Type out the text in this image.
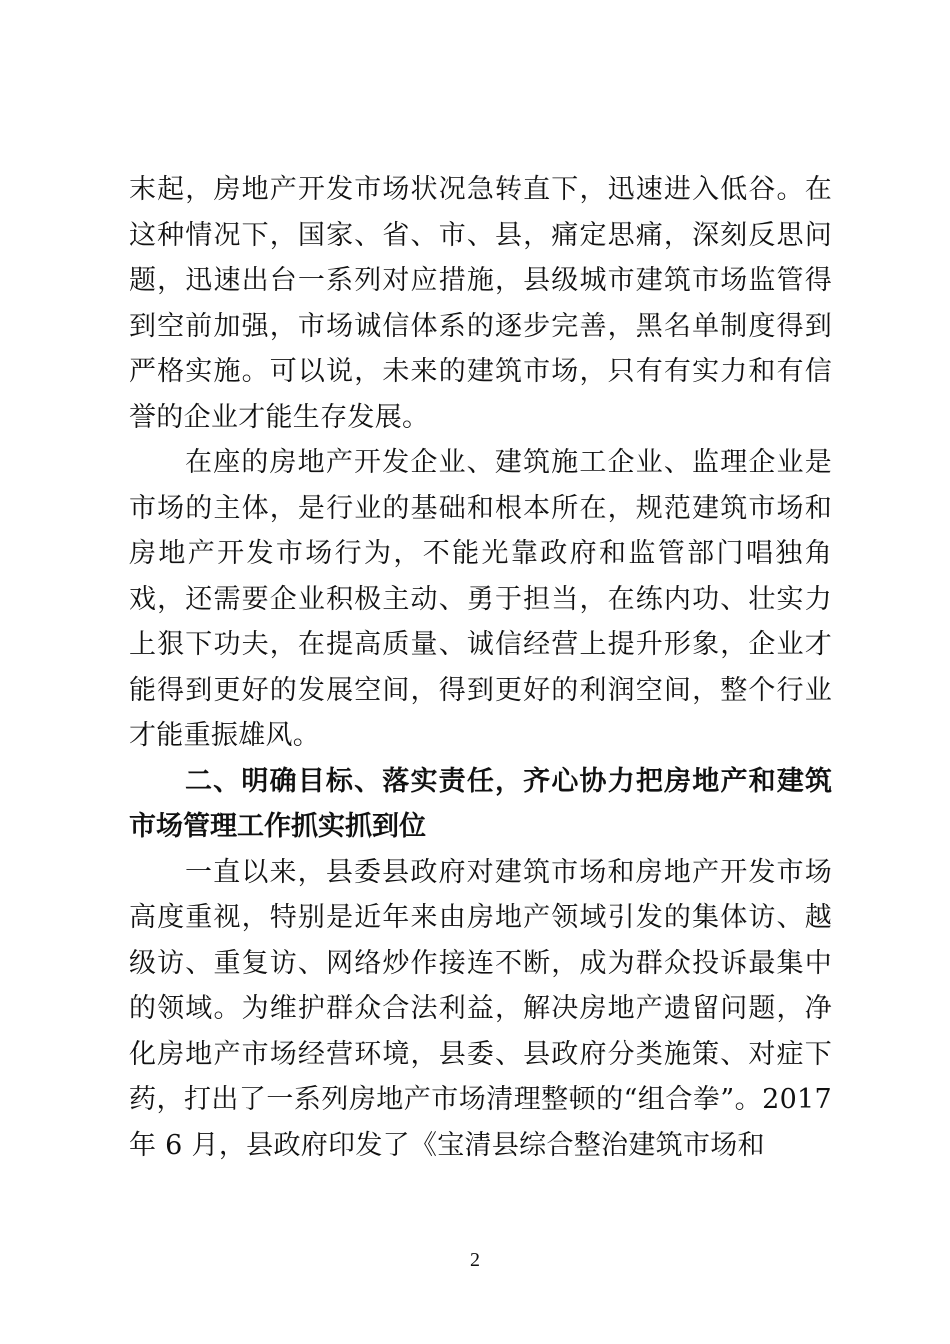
末起，房地产开发市场状况急转直下，迅速进入低谷。在这种情况下，国家、省、市、县，痛定思痛，深刻反思问题，迅速出台一系列对应措施，县级城市建筑市场监管得到空前加强，市场诚信体系的逐步完善，黑名单制度得到严格实施。可以说，未来的建筑市场，只有有实力和有信誉的企业才能生存发展。

在座的房地产开发企业、建筑施工企业、监理企业是市场的主体，是行业的基础和根本所在，规范建筑市场和房地产开发市场行为，不能光靠政府和监管部门唱独角戏，还需要企业积极主动、勇于担当，在练内功、壮实力上狠下功夫，在提高质量、诚信经营上提升形象，企业才能得到更好的发展空间，得到更好的利润空间，整个行业才能重振雄风。

二、明确目标、落实责任，齐心协力把房地产和建筑市场管理工作抓实抓到位

一直以来，县委县政府对建筑市场和房地产开发市场高度重视，特别是近年来由房地产领域引发的集体访、越级访、重复访、网络炒作接连不断，成为群众投诉最集中的领域。为维护群众合法利益，解决房地产遗留问题，净化房地产市场经营环境，县委、县政府分类施策、对症下药，打出了一系列房地产市场清理整顿的“组合拳”。2017 年 6 月，县政府印发了《宝清县综合整治建筑市场和

2
